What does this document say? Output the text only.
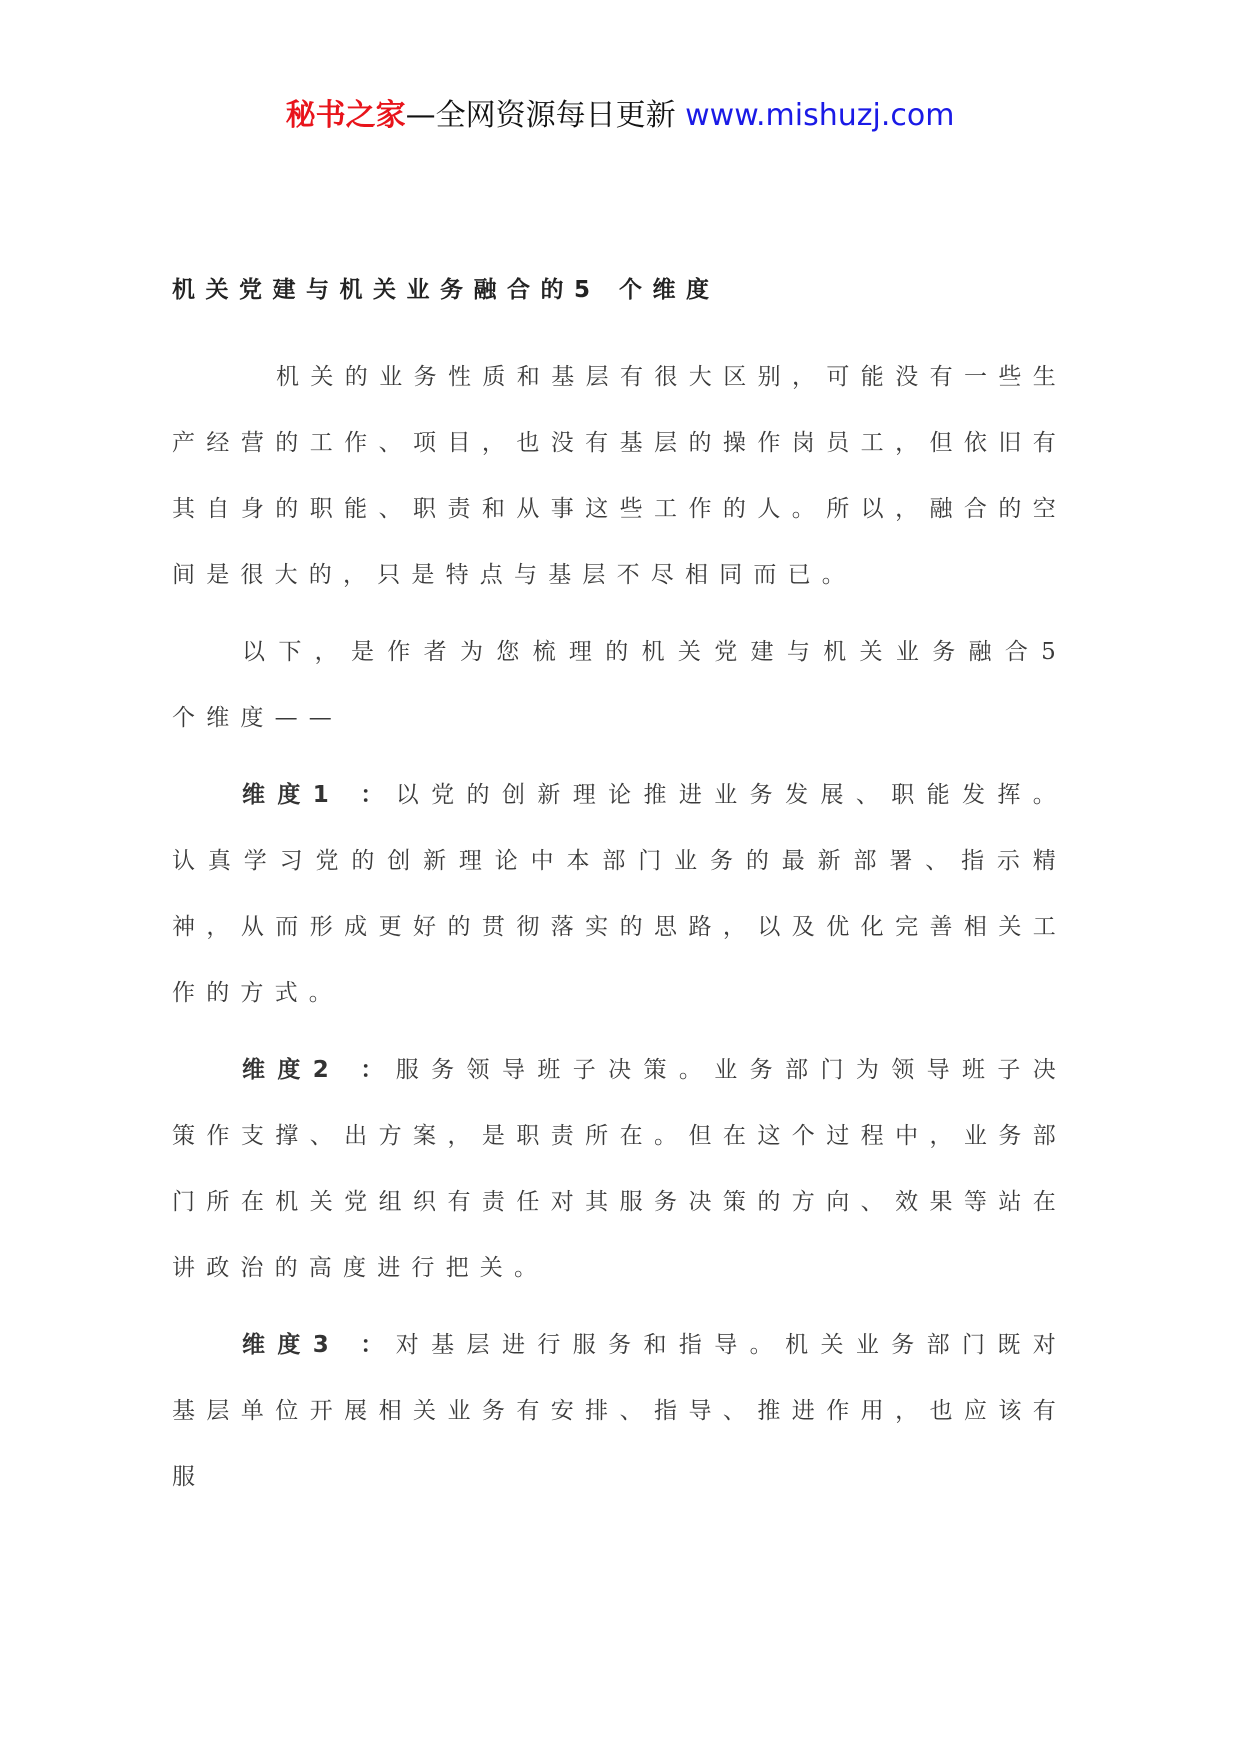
秘书之家—全网资源每日更新 www.mishuzj.com
机关党建与机关业务融合的5 个维度

机关的业务性质和基层有很大区别，可能没有一些生产经营的工作、项目，也没有基层的操作岗员工，但依旧有其自身的职能、职责和从事这些工作的人。所以，融合的空间是很大的，只是特点与基层不尽相同而已。

以下，是作者为您梳理的机关党建与机关业务融合5 个维度——

维度1 ：以党的创新理论推进业务发展、职能发挥。认真学习党的创新理论中本部门业务的最新部署、指示精神，从而形成更好的贯彻落实的思路，以及优化完善相关工作的方式。

维度2 ：服务领导班子决策。业务部门为领导班子决策作支撑、出方案，是职责所在。但在这个过程中，业务部门所在机关党组织有责任对其服务决策的方向、效果等站在讲政治的高度进行把关。

维度3 ：对基层进行服务和指导。机关业务部门既对基层单位开展相关业务有安排、指导、推进作用，也应该有服
